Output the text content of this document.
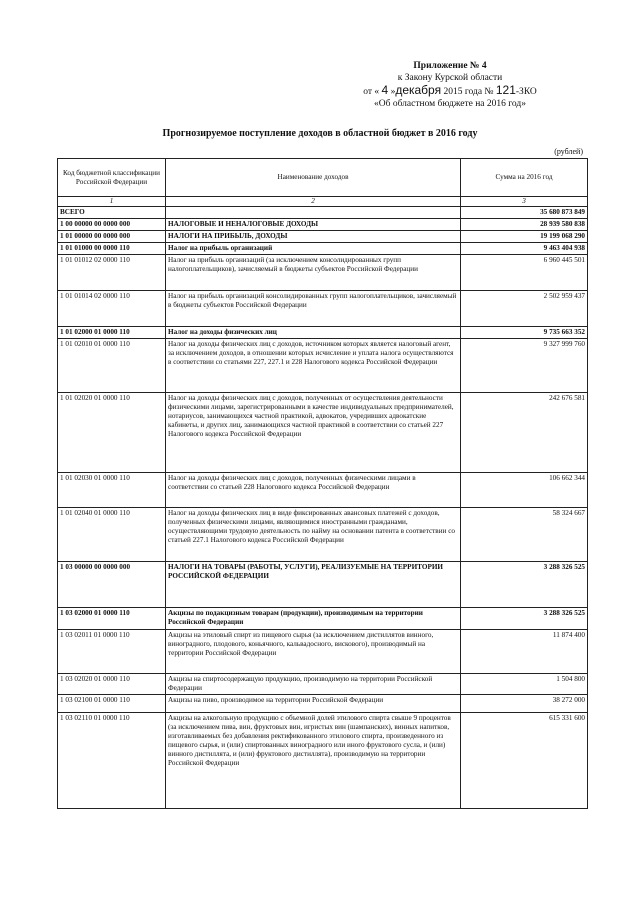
Приложение № 4
к Закону Курской области
от « 4 »декабря 2015 года № 121-ЗКО
«Об областном бюджете на 2016 год»
Прогнозируемое поступление доходов в областной бюджет в 2016 году
(рублей)
Код бюджетной классификации Российской Федерации	Наименование доходов	Сумма на 2016 год
1	2	3
ВСЕГО		35 680 873 849
1 00 00000 00 0000 000	НАЛОГОВЫЕ И НЕНАЛОГОВЫЕ ДОХОДЫ	28 939 580 838
1 01 00000 00 0000 000	НАЛОГИ НА ПРИБЫЛЬ, ДОХОДЫ	19 199 068 290
1 01 01000 00 0000 110	Налог на прибыль организаций	9 463 404 938
1 01 01012 02 0000 110	Налог на прибыль организаций (за исключением консолидированных групп налогоплательщиков), зачисляемый в бюджеты субъектов Российской Федерации	6 960 445 501
1 01 01014 02 0000 110	Налог на прибыль организаций консолидированных групп налогоплательщиков, зачисляемый в бюджеты субъектов Российской Федерации	2 502 959 437
1 01 02000 01 0000 110	Налог на доходы физических лиц	9 735 663 352
1 01 02010 01 0000 110	Налог на доходы физических лиц с доходов, источником которых является налоговый агент, за исключением доходов, в отношении которых исчисление и уплата налога осуществляются в соответствии со статьями 227, 227.1 и 228 Налогового кодекса Российской Федерации	9 327 999 760
1 01 02020 01 0000 110	Налог на доходы физических лиц с доходов, полученных от осуществления деятельности физическими лицами, зарегистрированными в качестве индивидуальных предпринимателей, нотариусов, занимающихся частной практикой, адвокатов, учредивших адвокатские кабинеты, и других лиц, занимающихся частной практикой в соответствии со статьей 227 Налогового кодекса Российской Федерации	242 676 581
1 01 02030 01 0000 110	Налог на доходы физических лиц с доходов, полученных физическими лицами в соответствии со статьей 228 Налогового кодекса Российской Федерации	106 662 344
1 01 02040 01 0000 110	Налог на доходы физических лиц в виде фиксированных авансовых платежей с доходов, полученных физическими лицами, являющимися иностранными гражданами, осуществляющими трудовую деятельность по найму на основании патента в соответствии со статьей 227.1 Налогового кодекса Российской Федерации	58 324 667
1 03 00000 00 0000 000	НАЛОГИ НА ТОВАРЫ (РАБОТЫ, УСЛУГИ), РЕАЛИЗУЕМЫЕ НА ТЕРРИТОРИИ РОССИЙСКОЙ ФЕДЕРАЦИИ	3 288 326 525
1 03 02000 01 0000 110	Акцизы по подакцизным товарам (продукции), производимым на территории Российской Федерации	3 288 326 525
1 03 02011 01 0000 110	Акцизы на этиловый спирт из пищевого сырья (за исключением дистиллятов винного, виноградного, плодового, коньячного, кальвадосного, вискового), производимый на территории Российской Федерации	11 874 400
1 03 02020 01 0000 110	Акцизы на спиртосодержащую продукцию, производимую на территории Российской Федерации	1 504 800
1 03 02100 01 0000 110	Акцизы на пиво, производимое на территории Российской Федерации	38 272 000
1 03 02110 01 0000 110	Акцизы на алкогольную продукцию с объемной долей этилового спирта свыше 9 процентов (за исключением пива, вин, фруктовых вин, игристых вин (шампанских), винных напитков, изготавливаемых без добавления ректификованного этилового спирта, произведенного из пищевого сырья, и (или) спиртованных виноградного или иного фруктового сусла, и (или) винного дистиллята, и (или) фруктового дистиллята), производимую на территории Российской Федерации	615 331 600
